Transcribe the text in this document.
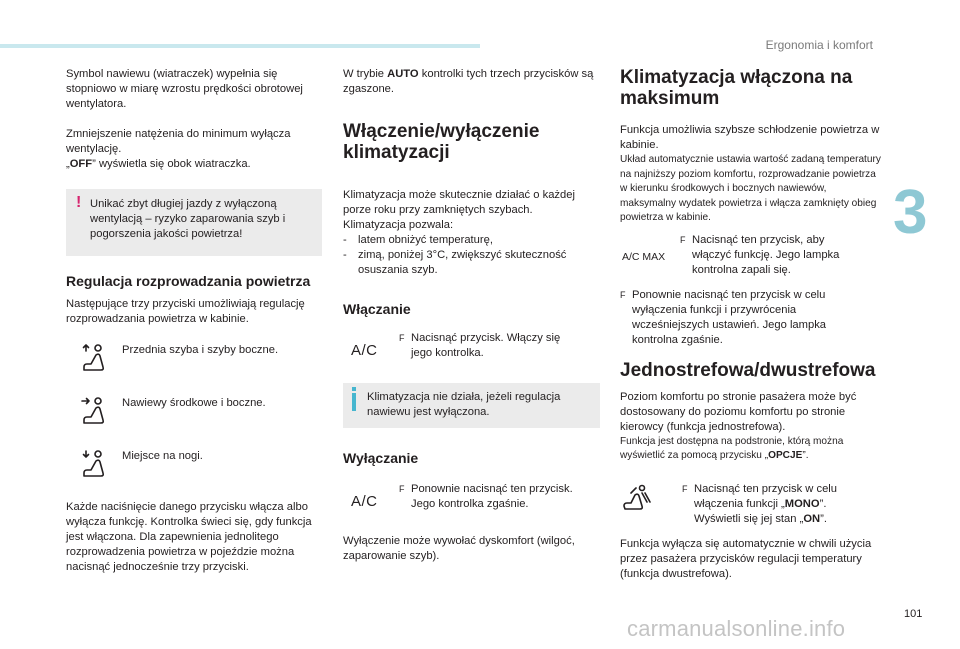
Ergonomia i komfort
3
101
carmanualsonline.info

Symbol nawiewu (wiatraczek) wypełnia się stopniowo w miarę wzrostu prędkości obrotowej wentylatora.

Zmniejszenie natężenia do minimum wyłącza wentylację.

„OFF” wyświetla się obok wiatraczka.

! Unikać zbyt długiej jazdy z wyłączoną wentylacją – ryzyko zaparowania szyb i pogorszenia jakości powietrza!

Regulacja rozprowadzania powietrza

Następujące trzy przyciski umożliwiają regulację rozprowadzania powietrza w kabinie.

Przednia szyba i szyby boczne.

Nawiewy środkowe i boczne.

Miejsce na nogi.

Każde naciśnięcie danego przycisku włącza albo wyłącza funkcję. Kontrolka świeci się, gdy funkcja jest włączona. Dla zapewnienia jednolitego rozprowadzenia powietrza w pojeździe można nacisnąć jednocześnie trzy przyciski.

W trybie AUTO kontrolki tych trzech przycisków są zgaszone.

Włączenie/wyłączenie klimatyzacji

Klimatyzacja może skutecznie działać o każdej porze roku przy zamkniętych szybach.

Klimatyzacja pozwala:

-	latem obniżyć temperaturę,
-	zimą, poniżej 3°C, zwiększyć skuteczność osuszania szyb.
Włączanie
A/C
F Nacisnąć przycisk. Włączy się jego kontrolka.

Klimatyzacja nie działa, jeżeli regulacja nawiewu jest wyłączona.

Wyłączanie
A/C
F Ponownie nacisnąć ten przycisk. Jego kontrolka zgaśnie.

Wyłączenie może wywołać dyskomfort (wilgoć, zaparowanie szyb).

Klimatyzacja włączona na maksimum

Funkcja umożliwia szybsze schłodzenie powietrza w kabinie.

Układ automatycznie ustawia wartość zadaną temperatury na najniższy poziom komfortu, rozprowadzanie powietrza w kierunku środkowych i bocznych nawiewów, maksymalny wydatek powietrza i włącza zamknięty obieg powietrza w kabinie.

A/C MAX
F Nacisnąć ten przycisk, aby włączyć funkcję. Jego lampka kontrolna zapali się.
F Ponownie nacisnąć ten przycisk w celu wyłączenia funkcji i przywrócenia wcześniejszych ustawień. Jego lampka kontrolna zgaśnie.
Jednostrefowa/dwustrefowa

Poziom komfortu po stronie pasażera może być dostosowany do poziomu komfortu po stronie kierowcy (funkcja jednostrefowa).

Funkcja jest dostępna na podstronie, którą można wyświetlić za pomocą przycisku „OPCJE”.

F Nacisnąć ten przycisk w celu włączenia funkcji „MONO”. Wyświetli się jej stan „ON”.

Funkcja wyłącza się automatycznie w chwili użycia przez pasażera przycisków regulacji temperatury (funkcja dwustrefowa).
